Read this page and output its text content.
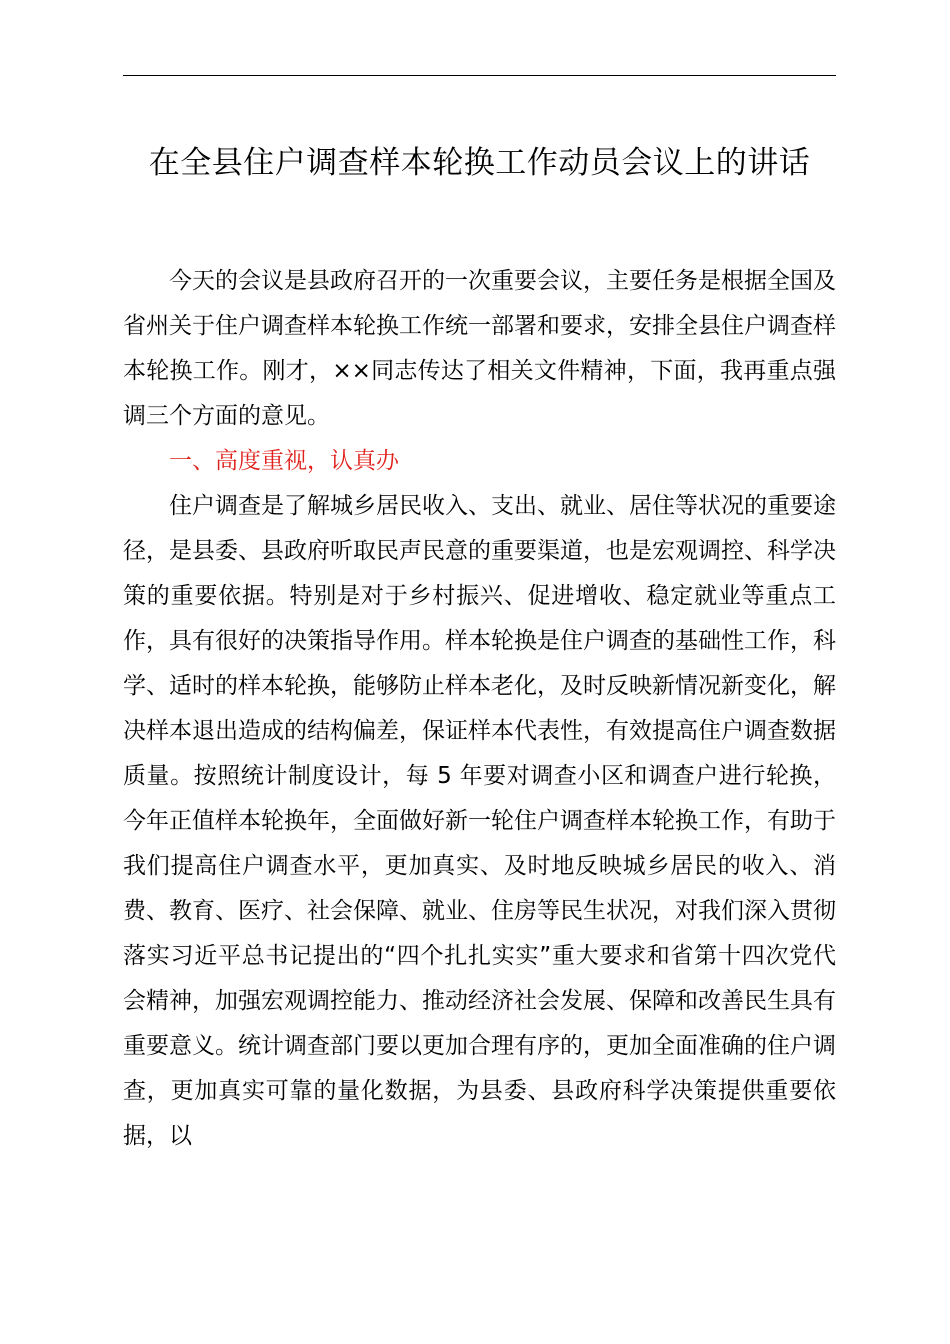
在全县住户调查样本轮换工作动员会议上的讲话

今天的会议是县政府召开的一次重要会议，主要任务是根据全国及省州关于住户调查样本轮换工作统一部署和要求，安排全县住户调查样本轮换工作。刚才，××同志传达了相关文件精神，下面，我再重点强调三个方面的意见。

一、高度重视，认真办

住户调查是了解城乡居民收入、支出、就业、居住等状况的重要途径，是县委、县政府听取民声民意的重要渠道，也是宏观调控、科学决策的重要依据。特别是对于乡村振兴、促进增收、稳定就业等重点工作，具有很好的决策指导作用。样本轮换是住户调查的基础性工作，科学、适时的样本轮换，能够防止样本老化，及时反映新情况新变化，解决样本退出造成的结构偏差，保证样本代表性，有效提高住户调查数据质量。按照统计制度设计，每 5 年要对调查小区和调查户进行轮换，今年正值样本轮换年，全面做好新一轮住户调查样本轮换工作，有助于我们提高住户调查水平，更加真实、及时地反映城乡居民的收入、消费、教育、医疗、社会保障、就业、住房等民生状况，对我们深入贯彻落实习近平总书记提出的“四个扎扎实实”重大要求和省第十四次党代会精神，加强宏观调控能力、推动经济社会发展、保障和改善民生具有重要意义。统计调查部门要以更加合理有序的，更加全面准确的住户调查，更加真实可靠的量化数据，为县委、县政府科学决策提供重要依据，以
